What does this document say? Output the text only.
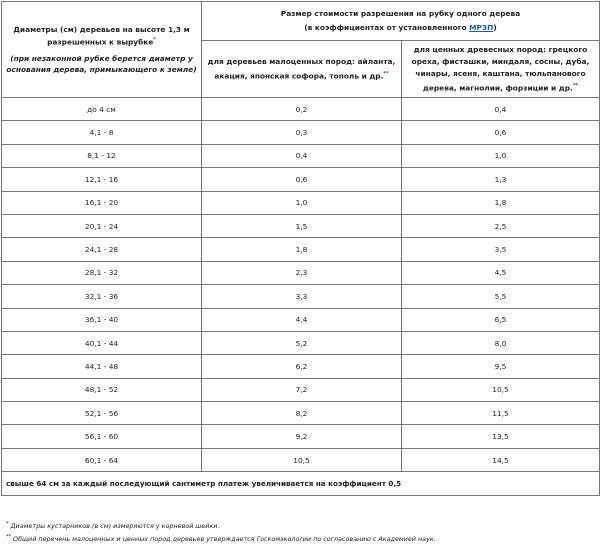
Диаметры (см) деревьев на высоте 1,3 м разрешенных к вырубке*
(при незаконной рубке берется диаметр у основания дерева, примыкающего к земле)	Размер стоимости разрешения на рубку одного дерева
(в коэффициентах от установленного МРЗП)	

	для деревьев малоценных пород: айланта, акация, японская софора, тополь и др.**	для ценных древесных пород: грецкого ореха, фисташки, миндаля, сосны, дуба, чинары, ясеня, каштана, тюльпанового дерева, магнолии, форзиции и др.**
до 4 см	0,2	0,4
4,1 - 8	0,3	0,6
8,1 - 12	0,4	1,0
12,1 - 16	0,6	1,3
16,1 - 20	1,0	1,8
20,1 - 24	1,5	2,5
24,1 - 28	1,8	3,5
28,1 - 32	2,3	4,5
32,1 - 36	3,3	5,5
36,1 - 40	4,4	6,5
40,1 - 44	5,2	8,0
44,1 - 48	6,2	9,5
48,1 - 52	7,2	10,5
52,1 - 56	8,2	11,5
56,1 - 60	9,2	13,5
60,1 - 64	10,5	14,5
свыше 64 см за каждый последующий сантиметр платеж увеличивается на коэффициент 0,5		
* Диаметры кустарников (в см) измеряются у корневой шейки.
** Общий перечень малоценных и ценных пород деревьев утверждается Госкомэкологии по согласованию с Академией наук.
